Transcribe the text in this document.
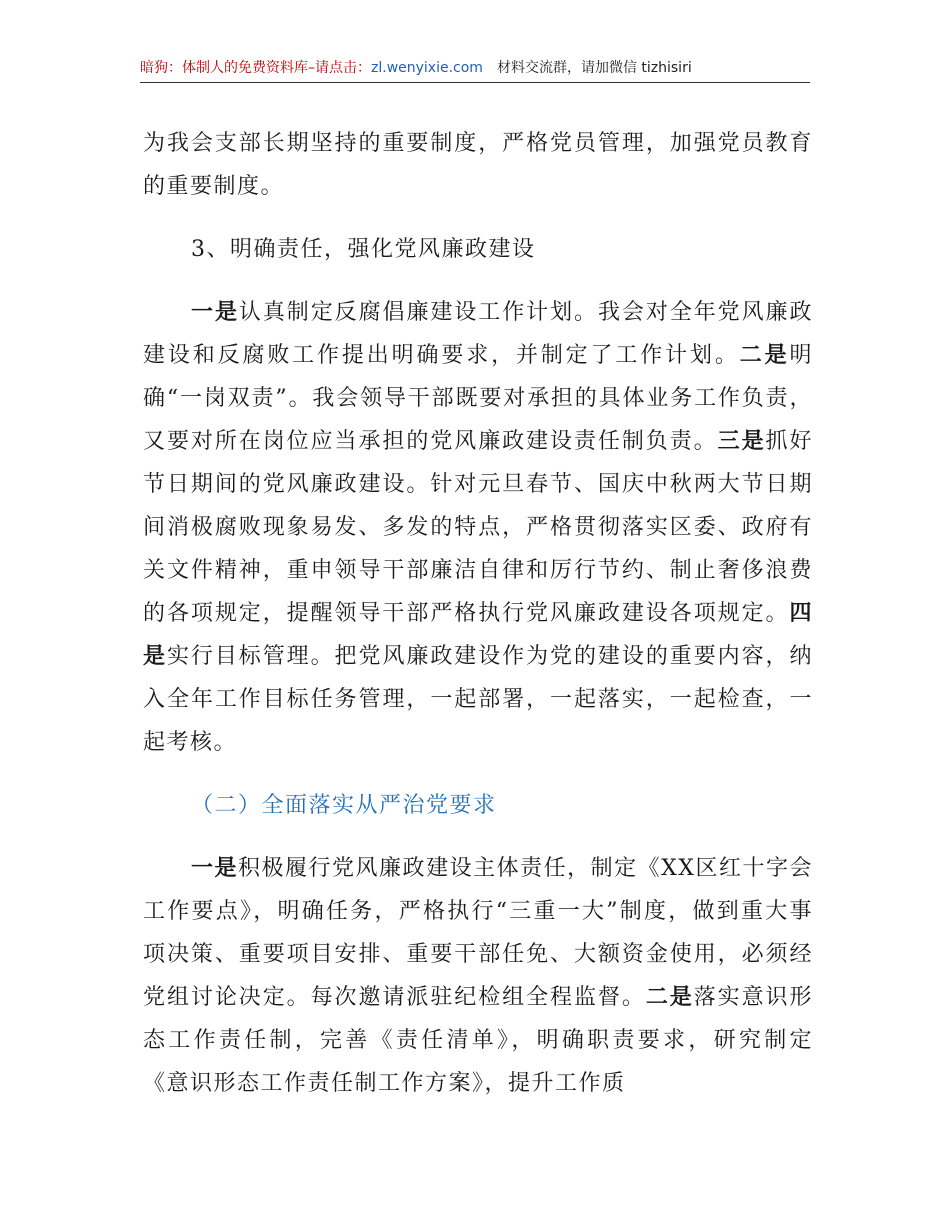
暗狗：体制人的免费资料库–请点击：zl.wenyixie.com 材料交流群，请加微信 tizhisiri

为我会支部长期坚持的重要制度，严格党员管理，加强党员教育的重要制度。

3、明确责任，强化党风廉政建设

一是认真制定反腐倡廉建设工作计划。我会对全年党风廉政建设和反腐败工作提出明确要求，并制定了工作计划。二是明确“一岗双责”。我会领导干部既要对承担的具体业务工作负责，又要对所在岗位应当承担的党风廉政建设责任制负责。三是抓好节日期间的党风廉政建设。针对元旦春节、国庆中秋两大节日期间消极腐败现象易发、多发的特点，严格贯彻落实区委、政府有关文件精神，重申领导干部廉洁自律和厉行节约、制止奢侈浪费的各项规定，提醒领导干部严格执行党风廉政建设各项规定。四是实行目标管理。把党风廉政建设作为党的建设的重要内容，纳入全年工作目标任务管理，一起部署，一起落实，一起检查，一起考核。

（二）全面落实从严治党要求

一是积极履行党风廉政建设主体责任，制定《XX区红十字会工作要点》，明确任务，严格执行“三重一大”制度，做到重大事项决策、重要项目安排、重要干部任免、大额资金使用，必须经党组讨论决定。每次邀请派驻纪检组全程监督。二是落实意识形态工作责任制，完善《责任清单》，明确职责要求，研究制定《意识形态工作责任制工作方案》，提升工作质
